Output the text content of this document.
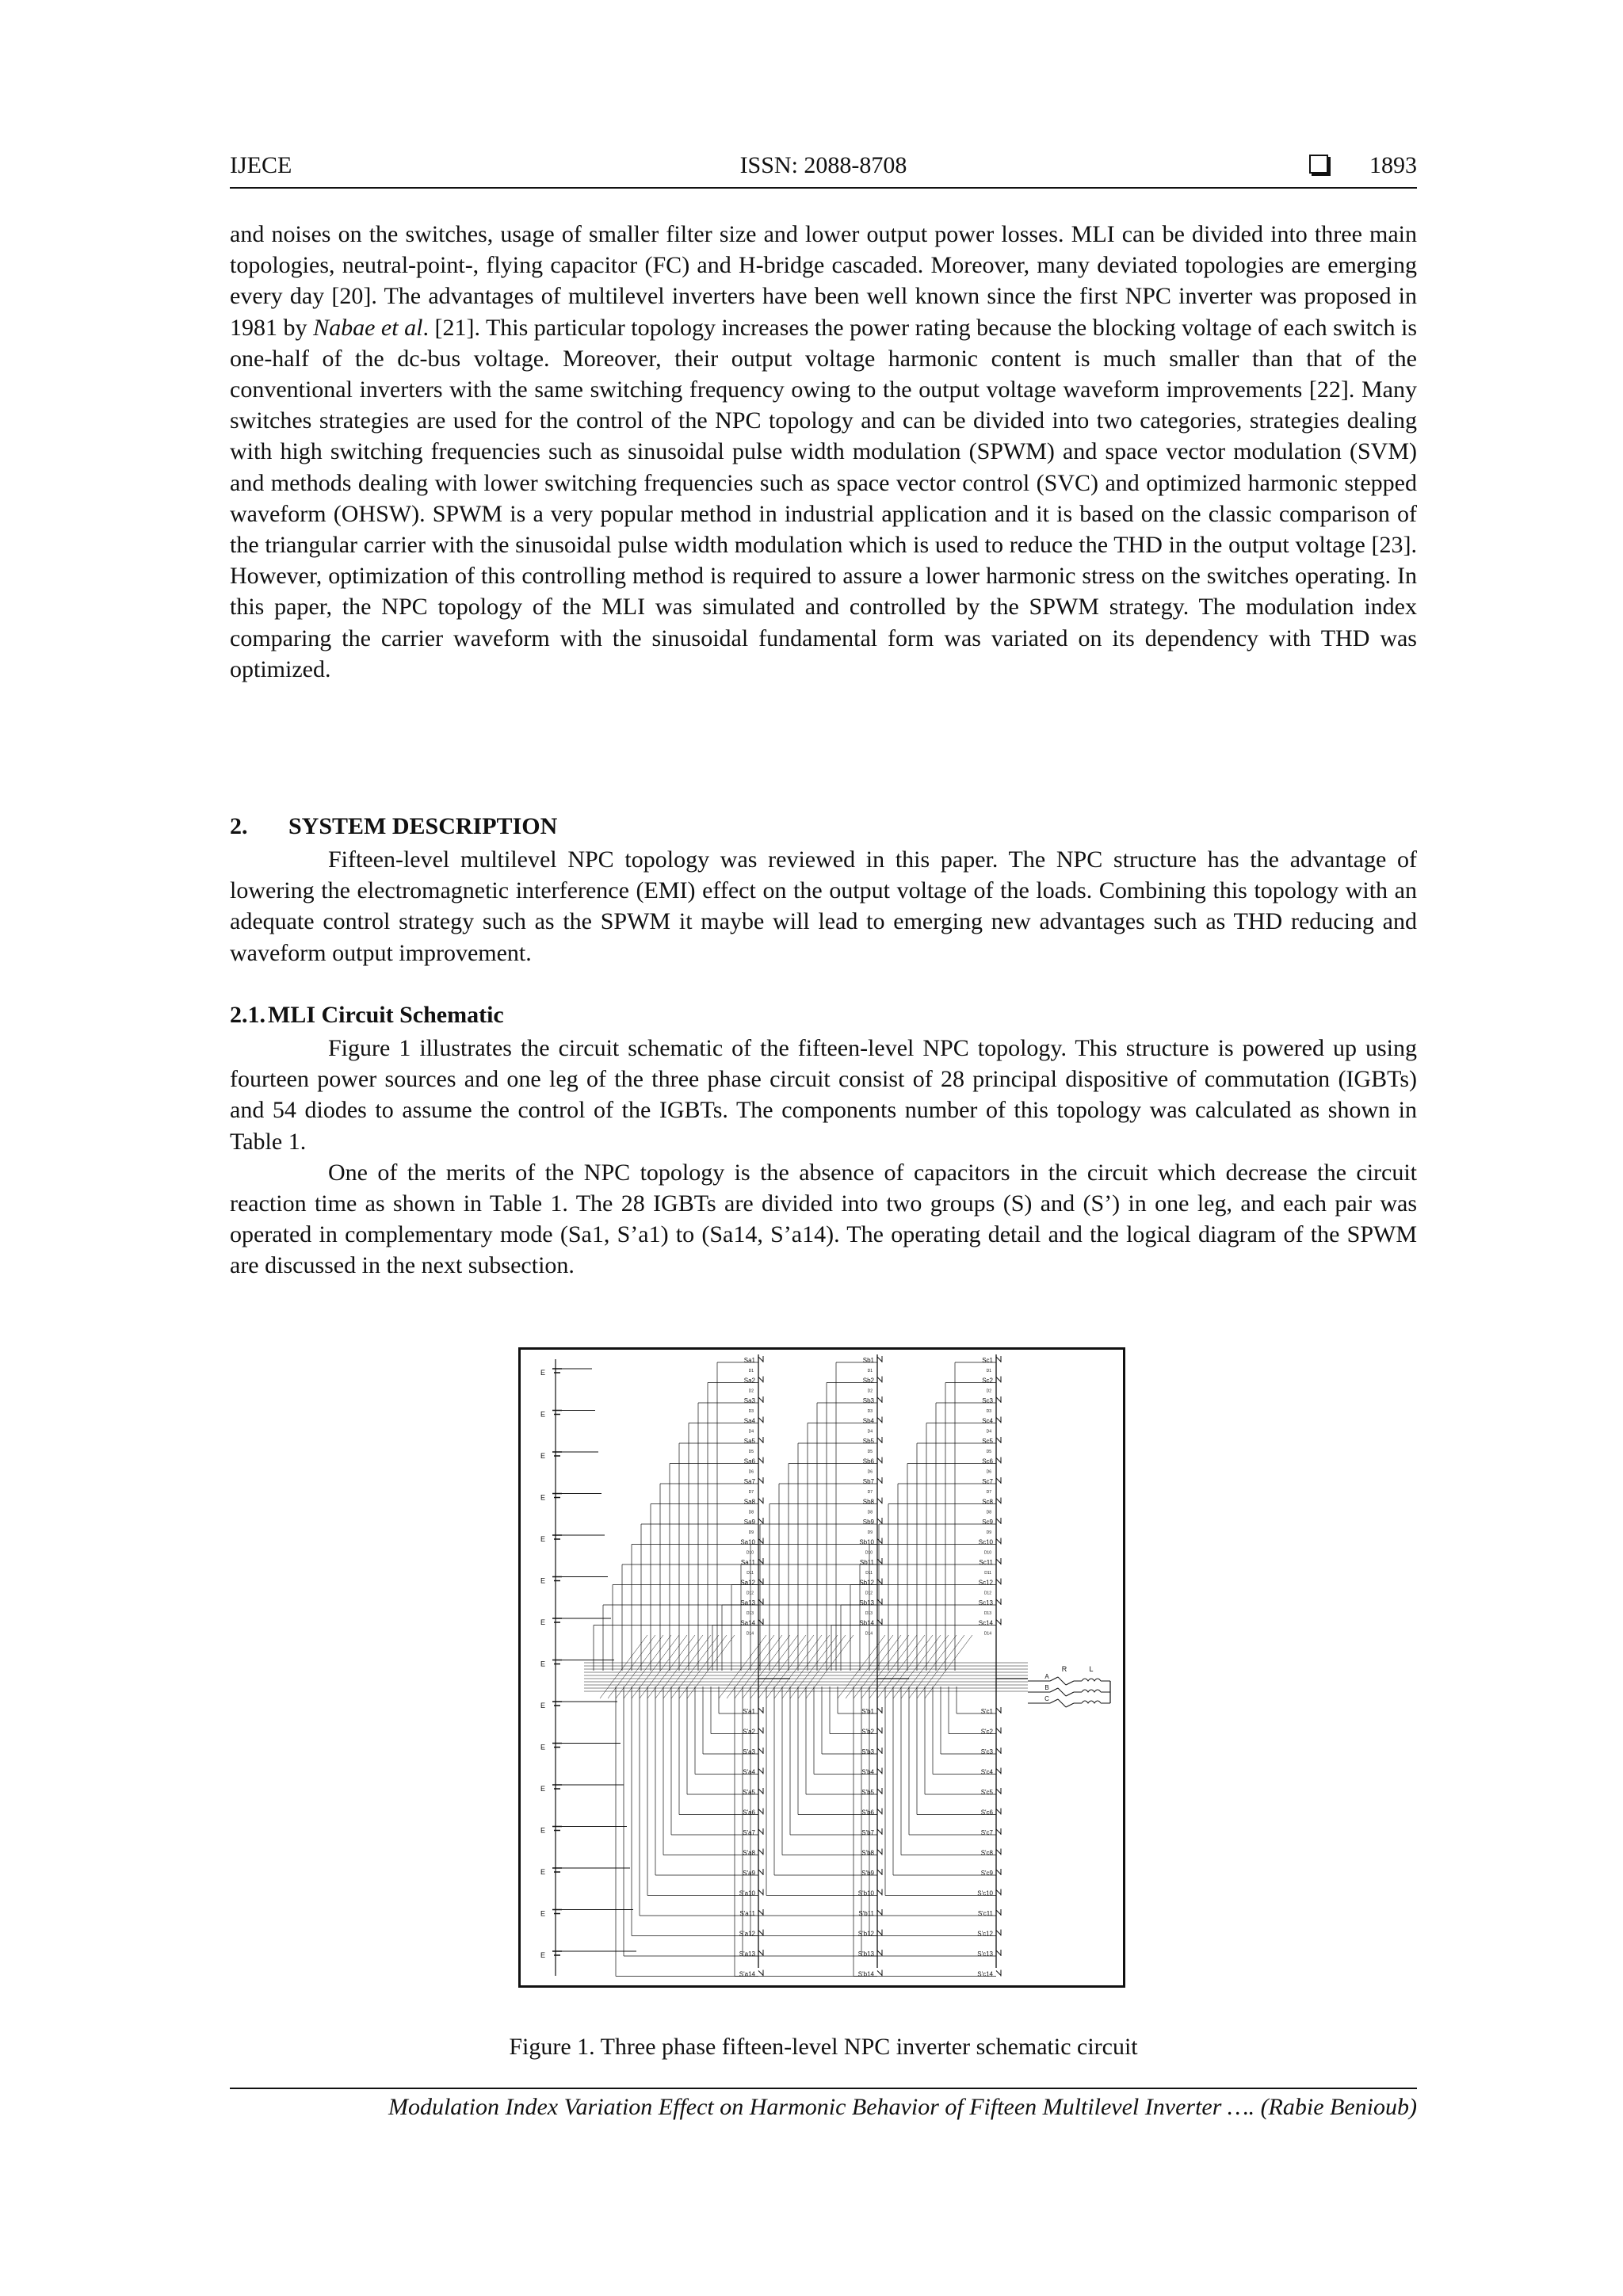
IJECE	ISSN: 2088-8708	1893

and noises on the switches, usage of smaller filter size and lower output power losses. MLI can be divided into three main topologies, neutral-point-, flying capacitor (FC) and H-bridge cascaded. Moreover, many deviated topologies are emerging every day [20]. The advantages of multilevel inverters have been well known since the first NPC inverter was proposed in 1981 by Nabae et al. [21]. This particular topology increases the power rating because the blocking voltage of each switch is one-half of the dc-bus voltage. Moreover, their output voltage harmonic content is much smaller than that of the conventional inverters with the same switching frequency owing to the output voltage waveform improvements [22]. Many switches strategies are used for the control of the NPC topology and can be divided into two categories, strategies dealing with high switching frequencies such as sinusoidal pulse width modulation (SPWM) and space vector modulation (SVM) and methods dealing with lower switching frequencies such as space vector control (SVC) and optimized harmonic stepped waveform (OHSW). SPWM is a very popular method in industrial application and it is based on the classic comparison of the triangular carrier with the sinusoidal pulse width modulation which is used to reduce the THD in the output voltage [23]. However, optimization of this controlling method is required to assure a lower harmonic stress on the switches operating. In this paper, the NPC topology of the MLI was simulated and controlled by the SPWM strategy. The modulation index comparing the carrier waveform with the sinusoidal fundamental form was variated on its dependency with THD was optimized.

2. SYSTEM DESCRIPTION

Fifteen-level multilevel NPC topology was reviewed in this paper. The NPC structure has the advantage of lowering the electromagnetic interference (EMI) effect on the output voltage of the loads. Combining this topology with an adequate control strategy such as the SPWM it maybe will lead to emerging new advantages such as THD reducing and waveform output improvement.

2.1. MLI Circuit Schematic

Figure 1 illustrates the circuit schematic of the fifteen-level NPC topology. This structure is powered up using fourteen power sources and one leg of the three phase circuit consist of 28 principal dispositive of commutation (IGBTs) and 54 diodes to assume the control of the IGBTs. The components number of this topology was calculated as shown in Table 1.

One of the merits of the NPC topology is the absence of capacitors in the circuit which decrease the circuit reaction time as shown in Table 1. The 28 IGBTs are divided into two groups (S) and (S’) in one leg, and each pair was operated in complementary mode (Sa1, S’a1) to (Sa14, S’a14). The operating detail and the logical diagram of the SPWM are discussed in the next subsection.

E
E
E
E
E
E
E
E
E
E
E
E
E
E
E
Sa1
D1
Sa2
D2
Sa3
D3
Sa4
D4
Sa5
D5
Sa6
D6
Sa7
D7
Sa8
D8
Sa9
D9
Sa10
D10
Sa11
D11
Sa12
D12
Sa13
D13
Sa14
D14
S'a1
S'a2
S'a3
S'a4
S'a5
S'a6
S'a7
S'a8
S'a9
S'a10
S'a11
S'a12
S'a13
S'a14
Sb1
D1
Sb2
D2
Sb3
D3
Sb4
D4
Sb5
D5
Sb6
D6
Sb7
D7
Sb8
D8
Sb9
D9
Sb10
D10
Sb11
D11
Sb12
D12
Sb13
D13
Sb14
D14
S'b1
S'b2
S'b3
S'b4
S'b5
S'b6
S'b7
S'b8
S'b9
S'b10
S'b11
S'b12
S'b13
S'b14
Sc1
D1
Sc2
D2
Sc3
D3
Sc4
D4
Sc5
D5
Sc6
D6
Sc7
D7
Sc8
D8
Sc9
D9
Sc10
D10
Sc11
D11
Sc12
D12
Sc13
D13
Sc14
D14
S'c1
S'c2
S'c3
S'c4
S'c5
S'c6
S'c7
S'c8
S'c9
S'c10
S'c11
S'c12
S'c13
S'c14
A
B
C
R	L
Figure 1. Three phase fifteen-level NPC inverter schematic circuit
Modulation Index Variation Effect on Harmonic Behavior of Fifteen Multilevel Inverter …. (Rabie Benioub)
